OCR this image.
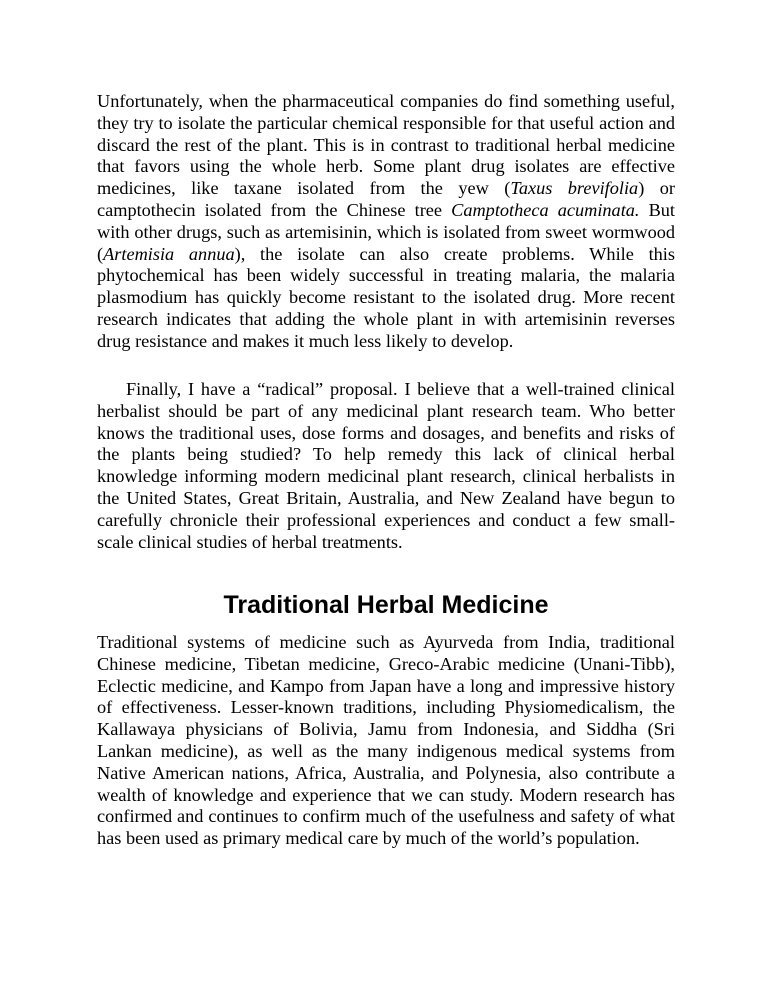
Unfortunately, when the pharmaceutical companies do find something useful, they try to isolate the particular chemical responsible for that useful action and discard the rest of the plant. This is in contrast to traditional herbal medicine that favors using the whole herb. Some plant drug isolates are effective medicines, like taxane isolated from the yew (Taxus brevifolia) or camptothecin isolated from the Chinese tree Camptotheca acuminata. But with other drugs, such as artemisinin, which is isolated from sweet wormwood (Artemisia annua), the isolate can also create problems. While this phytochemical has been widely successful in treating malaria, the malaria plasmodium has quickly become resistant to the isolated drug. More recent research indicates that adding the whole plant in with artemisinin reverses drug resistance and makes it much less likely to develop.

Finally, I have a “radical” proposal. I believe that a well-trained clinical herbalist should be part of any medicinal plant research team. Who better knows the traditional uses, dose forms and dosages, and benefits and risks of the plants being studied? To help remedy this lack of clinical herbal knowledge informing modern medicinal plant research, clinical herbalists in the United States, Great Britain, Australia, and New Zealand have begun to carefully chronicle their professional experiences and conduct a few small-scale clinical studies of herbal treatments.

Traditional Herbal Medicine

Traditional systems of medicine such as Ayurveda from India, traditional Chinese medicine, Tibetan medicine, Greco-Arabic medicine (Unani-Tibb), Eclectic medicine, and Kampo from Japan have a long and impressive history of effectiveness. Lesser-known traditions, including Physiomedicalism, the Kallawaya physicians of Bolivia, Jamu from Indonesia, and Siddha (Sri Lankan medicine), as well as the many indigenous medical systems from Native American nations, Africa, Australia, and Polynesia, also contribute a wealth of knowledge and experience that we can study. Modern research has confirmed and continues to confirm much of the usefulness and safety of what has been used as primary medical care by much of the world’s population.
